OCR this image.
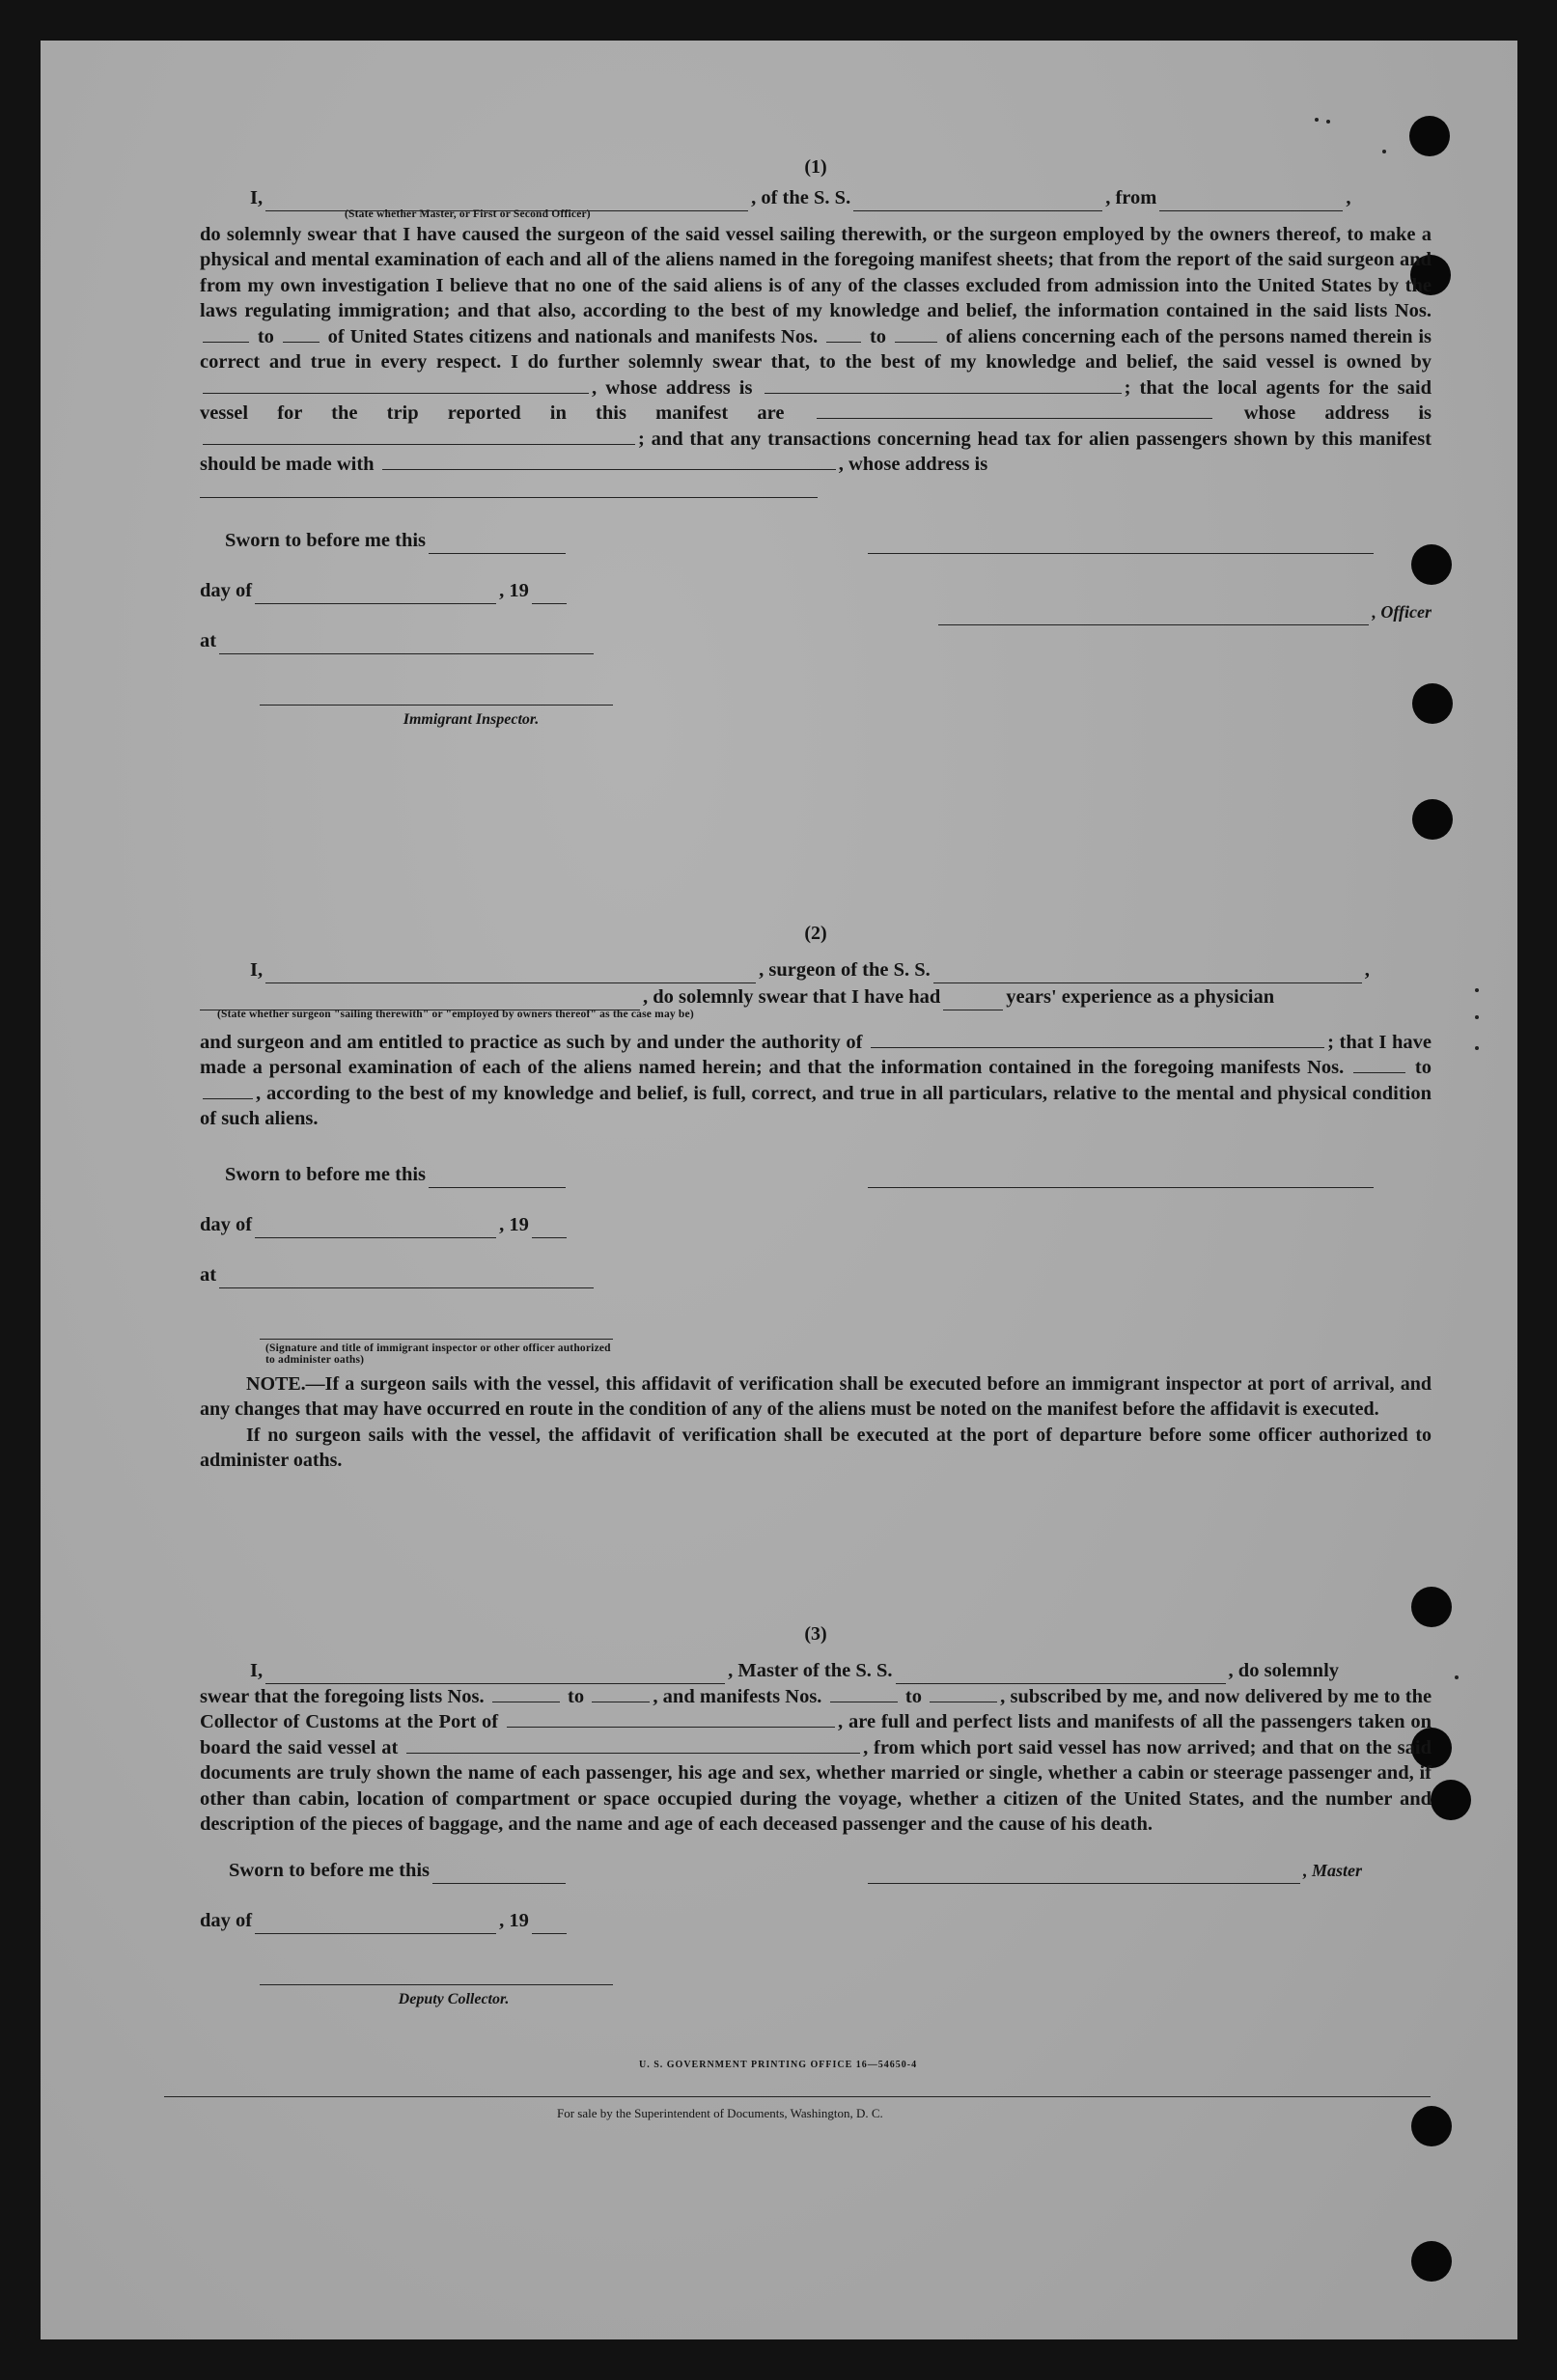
(1)

I,	, of the S. S.	, from	,
(State whether Master, or First or Second Officer)

do solemnly swear that I have caused the surgeon of the said vessel sailing therewith, or the surgeon employed by the owners thereof, to make a physical and mental examination of each and all of the aliens named in the foregoing manifest sheets; that from the report of the said surgeon and from my own investigation I believe that no one of the said aliens is of any of the classes excluded from admission into the United States by the laws regulating immigration; and that also, according to the best of my knowledge and belief, the information contained in the said lists Nos.  to	of United States citizens and nationals and manifests Nos.	to	of aliens concerning each of the persons named therein is correct and true in every respect. I do further solemnly swear that, to the best of my knowledge and belief, the said vessel is owned by , whose address is	; that the local agents for the said vessel for the trip reported in this manifest are	whose address is ; and that any transactions concerning head tax for alien passengers shown by this manifest should be made with	, whose address is

Sworn to before me this
day of	, 19
, Officer
at
Immigrant Inspector.

(2)

I,	, surgeon of the S. S.	,
, do solemnly swear that I have had	years' experience as a physician
(State whether surgeon "sailing therewith" or "employed by owners thereof" as the case may be)

and surgeon and am entitled to practice as such by and under the authority of	; that I have made a personal examination of each of the aliens named herein; and that the information contained in the foregoing manifests Nos.	to , according to the best of my knowledge and belief, is full, correct, and true in all particulars, relative to the mental and physical condition of such aliens.

Sworn to before me this
day of	, 19
at
(Signature and title of immigrant inspector or other officer authorized to administer oaths)

NOTE.—If a surgeon sails with the vessel, this affidavit of verification shall be executed before an immigrant inspector at port of arrival, and any changes that may have occurred en route in the condition of any of the aliens must be noted on the manifest before the affidavit is executed.

If no surgeon sails with the vessel, the affidavit of verification shall be executed at the port of departure before some officer authorized to administer oaths.

(3)

I,	, Master of the S. S.	, do solemnly

swear that the foregoing lists Nos.	to	, and manifests Nos.	to	, subscribed by me, and now delivered by me to the Collector of Customs at the Port of	, are full and perfect lists and manifests of all the passengers taken on board the said vessel at	, from which port said vessel has now arrived; and that on the said documents are truly shown the name of each passenger, his age and sex, whether married or single, whether a cabin or steerage passenger and, if other than cabin, location of compartment or space occupied during the voyage, whether a citizen of the United States, and the number and description of the pieces of baggage, and the name and age of each deceased passenger and the cause of his death.

Sworn to before me this	, Master
day of	, 19
Deputy Collector.
U. S. GOVERNMENT PRINTING OFFICE 16—54650-4
For sale by the Superintendent of Documents, Washington, D. C.
